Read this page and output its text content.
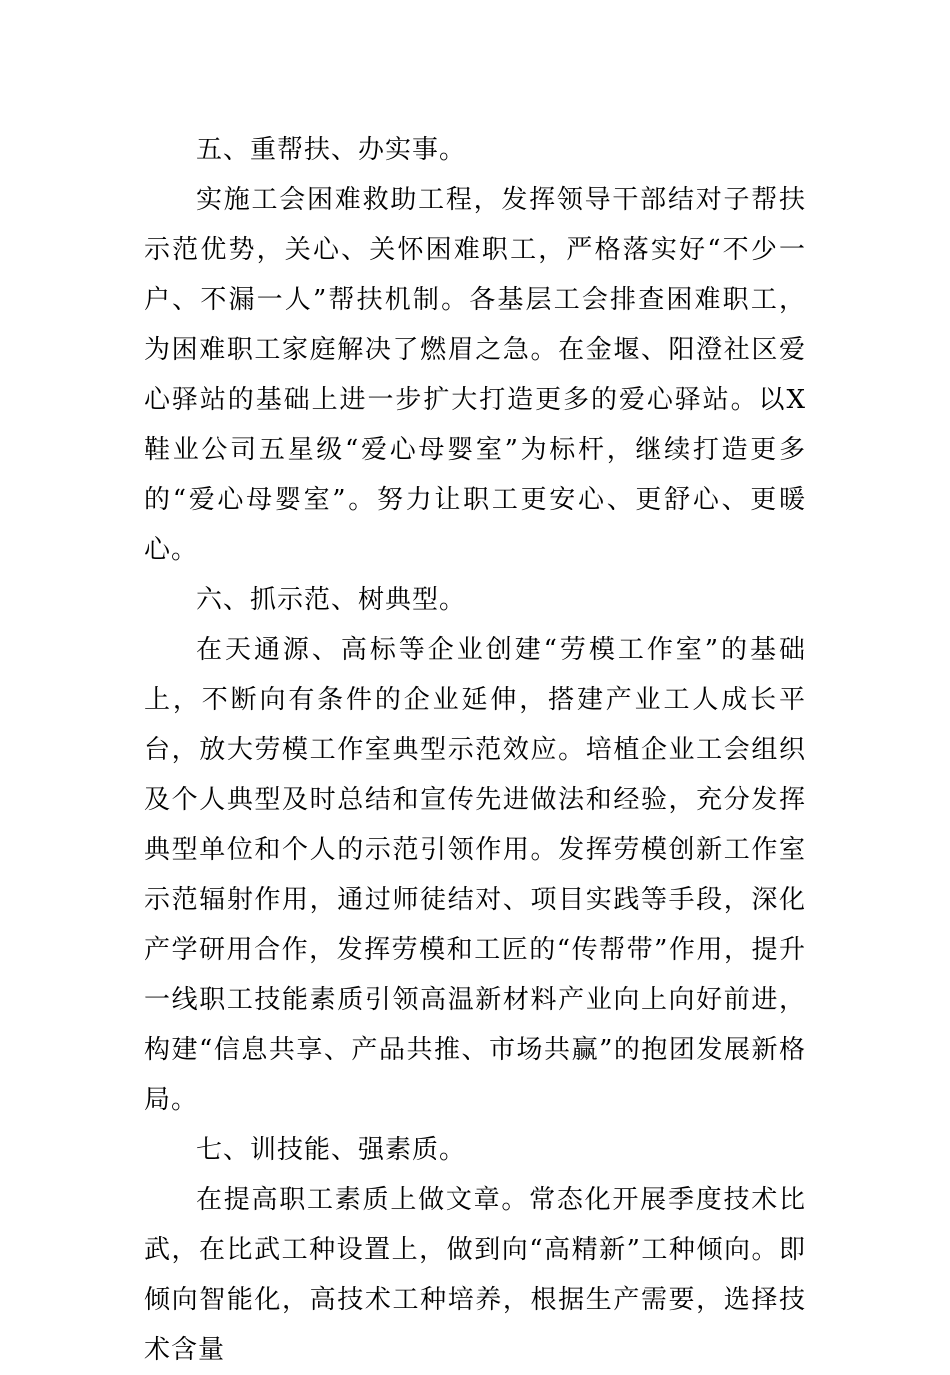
五、重帮扶、办实事。

实施工会困难救助工程，发挥领导干部结对子帮扶示范优势，关心、关怀困难职工，严格落实好“不少一户、不漏一人”帮扶机制。各基层工会排查困难职工，为困难职工家庭解决了燃眉之急。在金堰、阳澄社区爱心驿站的基础上进一步扩大打造更多的爱心驿站。以X鞋业公司五星级“爱心母婴室”为标杆，继续打造更多的“爱心母婴室”。努力让职工更安心、更舒心、更暖心。

六、抓示范、树典型。

在天通源、高标等企业创建“劳模工作室”的基础上，不断向有条件的企业延伸，搭建产业工人成长平台，放大劳模工作室典型示范效应。培植企业工会组织及个人典型及时总结和宣传先进做法和经验，充分发挥典型单位和个人的示范引领作用。发挥劳模创新工作室示范辐射作用，通过师徒结对、项目实践等手段，深化产学研用合作，发挥劳模和工匠的“传帮带”作用，提升一线职工技能素质引领高温新材料产业向上向好前进，构建“信息共享、产品共推、市场共赢”的抱团发展新格局。

七、训技能、强素质。

在提高职工素质上做文章。常态化开展季度技术比武，在比武工种设置上，做到向“高精新”工种倾向。即倾向智能化，高技术工种培养，根据生产需要，选择技术含量
